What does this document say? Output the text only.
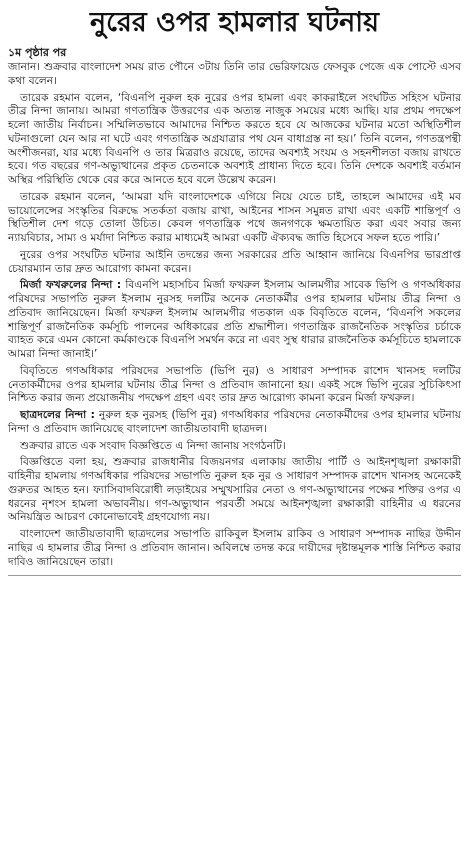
নুরের ওপর হামলার ঘটনায়
১ম পৃষ্ঠার পর

জানান। শুক্রবার বাংলাদেশ সময় রাত পৌনে ৩টায় তিনি তার ভেরিফায়েড ফেসবুক পেজে এক পোস্টে এসব কথা বলেন।

তারেক রহমান বলেন, ‘বিএনপি নুরুল হক নুরের ওপর হামলা এবং কাকরাইলে সংঘটিত সহিংস ঘটনার তীব্র নিন্দা জানায়। আমরা গণতান্ত্রিক উত্তরণের এক অত্যন্ত নাজুক সময়ের মধ্যে আছি। যার প্রথম পদক্ষেপ হলো জাতীয় নির্বাচন। সম্মিলিতভাবে আমাদের নিশ্চিত করতে হবে যে আজকের ঘটনার মতো অস্থিতিশীল ঘটনাগুলো যেন আর না ঘটে এবং গণতান্ত্রিক অগ্রযাত্রার পথ যেন বাধাগ্রস্ত না হয়।’ তিনি বলেন, গণতন্ত্রপন্থী অংশীজনরা, যার মধ্যে বিএনপি ও তার মিত্ররাও রয়েছে, তাদের অবশ্যই সংযম ও সহনশীলতা বজায় রাখতে হবে। গত বছরের গণ-অভ্যুত্থানের প্রকৃত চেতনাকে অবশ্যই প্রাধান্য দিতে হবে। তিনি দেশকে অবশ্যই বর্তমান অস্থির পরিস্থিতি থেকে বের করে আনতে হবে বলে উল্লেখ করেন।

তারেক রহমান বলেন, ‘আমরা যদি বাংলাদেশকে এগিয়ে নিয়ে যেতে চাই, তাহলে আমাদের এই মব ভায়োলেন্সের সংস্কৃতির বিরুদ্ধে সতর্কতা বজায় রাখা, আইনের শাসন সমুন্নত রাখা এবং একটি শান্তিপূর্ণ ও স্থিতিশীল দেশ গড়ে তোলা উচিত। কেবল গণতান্ত্রিক পথে জনগণকে ক্ষমতায়িত করা এবং সবার জন্য ন্যায়বিচার, সাম্য ও মর্যাদা নিশ্চিত করার মাধ্যমেই আমরা একটি ঐক্যবদ্ধ জাতি হিসেবে সফল হতে পারি।’

নুরের ওপর সংঘটিত ঘটনার আইনি তদন্তের জন্য সরকারের প্রতি আহ্বান জানিয়ে বিএনপির ভারপ্রাপ্ত চেয়ারম্যান তার দ্রুত আরোগ্য কামনা করেন।

মির্জা ফখরুলের নিন্দা : বিএনপি মহাসচিব মির্জা ফখরুল ইসলাম আলমগীর সাবেক ভিপি ও গণঅধিকার পরিষদের সভাপতি নুরুল ইসলাম নুরসহ দলটির অনেক নেতাকর্মীর ওপর হামলার ঘটনায় তীব্র নিন্দা ও প্রতিবাদ জানিয়েছেন। মির্জা ফখরুল ইসলাম আলমগীর গতকাল এক বিবৃতিতে বলেন, ‘বিএনপি সকলের শান্তিপূর্ণ রাজনৈতিক কর্মসূচি পালনের অধিকারের প্রতি শ্রদ্ধাশীল। গণতান্ত্রিক রাজনৈতিক সংস্কৃতির চর্চাকে ব্যাহত করে এমন কোনো কর্মকাণ্ডকে বিএনপি সমর্থন করে না এবং সুস্থ ধারার রাজনৈতিক কর্মসূচিতে হামলাকে আমরা নিন্দা জানাই।’

বিবৃতিতে গণঅধিকার পরিষদের সভাপতি (ভিপি নুর) ও সাধারণ সম্পাদক রাশেদ খানসহ দলটির নেতাকর্মীদের ওপর হামলার ঘটনায় তীব্র নিন্দা ও প্রতিবাদ জানানো হয়। একই সঙ্গে ভিপি নুরের সুচিকিৎসা নিশ্চিত করার জন্য প্রয়োজনীয় পদক্ষেপ গ্রহণ এবং তার দ্রুত আরোগ্য কামনা করেন মির্জা ফখরুল।

ছাত্রদলের নিন্দা : নুরুল হক নুরসহ (ভিপি নুর) গণঅধিকার পরিষদের নেতাকর্মীদের ওপর হামলার ঘটনায় নিন্দা ও প্রতিবাদ জানিয়েছে বাংলাদেশ জাতীয়তাবাদী ছাত্রদল।

শুক্রবার রাতে এক সংবাদ বিজ্ঞপ্তিতে এ নিন্দা জানায় সংগঠনটি।

বিজ্ঞপ্তিতে বলা হয়, শুক্রবার রাজধানীর বিজয়নগর এলাকায় জাতীয় পার্টি ও আইনশৃঙ্খলা রক্ষাকারী বাহিনীর হামলায় গণঅধিকার পরিষদের সভাপতি নুরুল হক নুর ও সাধারণ সম্পাদক রাশেদ খানসহ অনেকেই গুরুতর আহত হন। ফ্যাসিবাদবিরোধী লড়াইয়ের সম্মুখসারির নেতা ও গণ-অভ্যুত্থানের পক্ষের শক্তির ওপর এ ধরনের নৃশংস হামলা অভাবনীয়। গণ-অভ্যুত্থান পরবর্তী সময়ে আইনশৃঙ্খলা রক্ষাকারী বাহিনীর এ ধরনের অনিয়ন্ত্রিত আচরণ কোনোভাবেই গ্রহণযোগ্য নয়।

বাংলাদেশ জাতীয়তাবাদী ছাত্রদলের সভাপতি রাকিবুল ইসলাম রাকিব ও সাধারণ সম্পাদক নাছির উদ্দীন নাছির এ হামলার তীব্র নিন্দা ও প্রতিবাদ জানান। অবিলম্বে তদন্ত করে দায়ীদের দৃষ্টান্তমূলক শাস্তি নিশ্চিত করার দাবিও জানিয়েছেন তারা।
